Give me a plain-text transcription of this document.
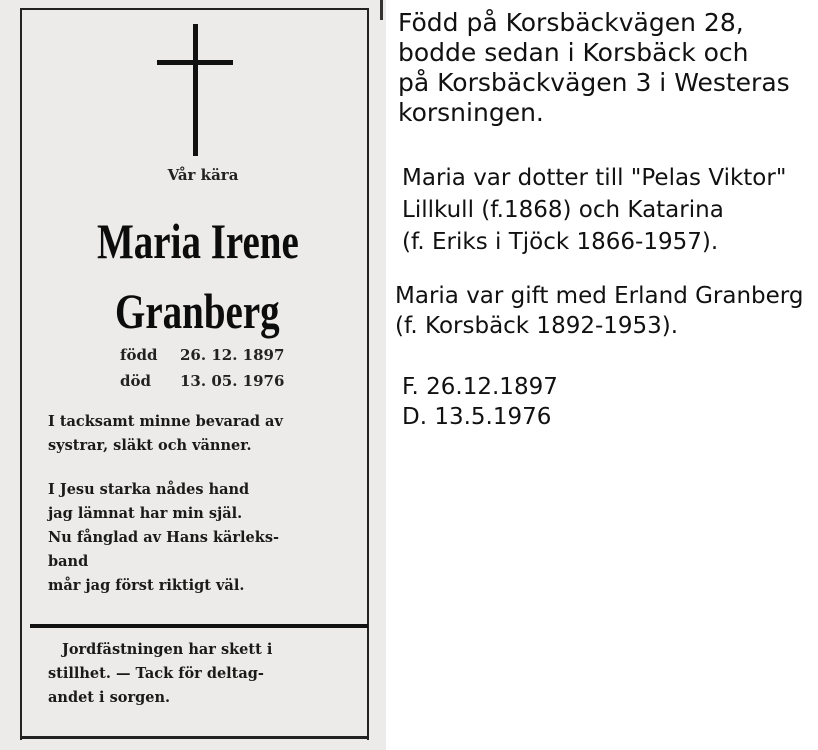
Vår kära
Maria Irene
Granberg
född 26. 12. 1897
död 13. 05. 1976
I tacksamt minne bevarad av
systrar, släkt och vänner.
I Jesu starka nådes hand
jag lämnat har min själ.
Nu fånglad av Hans kärleks-
band
mår jag först riktigt väl.
Jordfästningen har skett i
stillhet. — Tack för deltag-
andet i sorgen.
Född på Korsbäckvägen 28,
bodde sedan i Korsbäck och
på Korsbäckvägen 3 i Westeras
korsningen.
Maria var dotter till "Pelas Viktor"
Lillkull (f.1868) och Katarina
(f. Eriks i Tjöck 1866-1957).
Maria var gift med Erland Granberg
(f. Korsbäck 1892-1953).
F. 26.12.1897
D. 13.5.1976
